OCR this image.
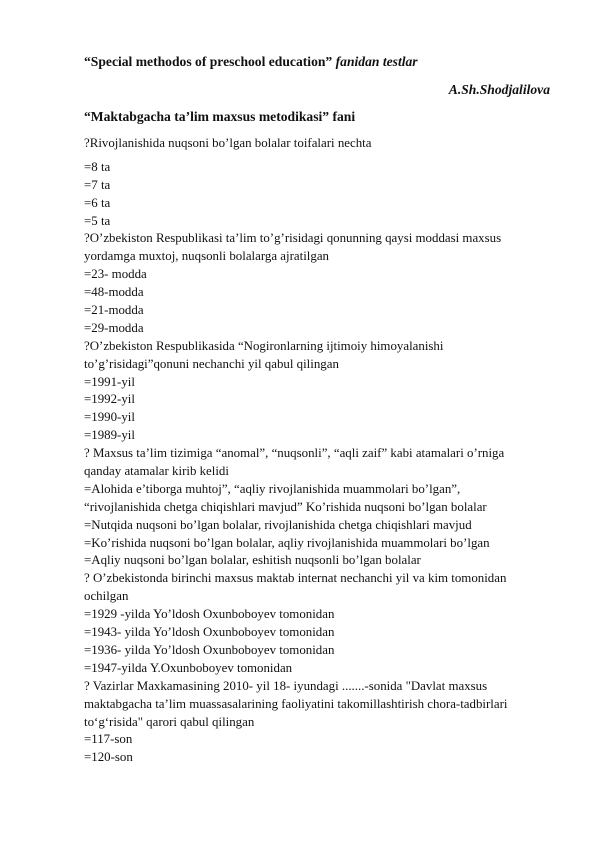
“Special methodos of preschool education” fanidan testlar
A.Sh.Shodjalilova
“Maktabgacha ta’lim maxsus metodikasi” fani
?Rivojlanishida nuqsoni bo’lgan bolalar toifalari nechta
=8 ta
=7 ta
=6 ta
=5 ta
?O’zbekiston Respublikasi ta’lim to’g’risidagi qonunning qaysi moddasi maxsus
yordamga muxtoj, nuqsonli bolalarga ajratilgan
=23- modda
=48-modda
=21-modda
=29-modda
?O’zbekiston Respublikasida “Nogironlarning ijtimoiy himoyalanishi
to’g’risidagi”qonuni nechanchi yil qabul qilingan
=1991-yil
=1992-yil
=1990-yil
=1989-yil
? Maxsus ta’lim tizimiga “anomal”, “nuqsonli”, “aqli zaif” kabi atamalari o’rniga
qanday atamalar kirib kelidi
=Alohida e’tiborga muhtoj”, “aqliy rivojlanishida muammolari bo’lgan”,
“rivojlanishida chetga chiqishlari mavjud” Ko’rishida nuqsoni bo’lgan bolalar
=Nutqida nuqsoni bo’lgan bolalar, rivojlanishida chetga chiqishlari mavjud
=Ko’rishida nuqsoni bo’lgan bolalar, aqliy rivojlanishida muammolari bo’lgan
=Aqliy nuqsoni bo’lgan bolalar, eshitish nuqsonli bo’lgan bolalar
? O’zbekistonda birinchi maxsus maktab internat nechanchi yil va kim tomonidan
ochilgan
=1929 -yilda Yo’ldosh Oxunboboyev tomonidan
=1943- yilda Yo’ldosh Oxunboboyev tomonidan
=1936- yilda Yo’ldosh Oxunboboyev tomonidan
=1947-yilda Y.Oxunboboyev tomonidan
? Vazirlar Maxkamasining 2010- yil 18- iyundagi .......-sonida "Davlat maxsus
maktabgacha ta’lim muassasalarining faoliyatini takomillashtirish chora-tadbirlari
to‘g‘risida" qarori qabul qilingan
=117-son
=120-son
